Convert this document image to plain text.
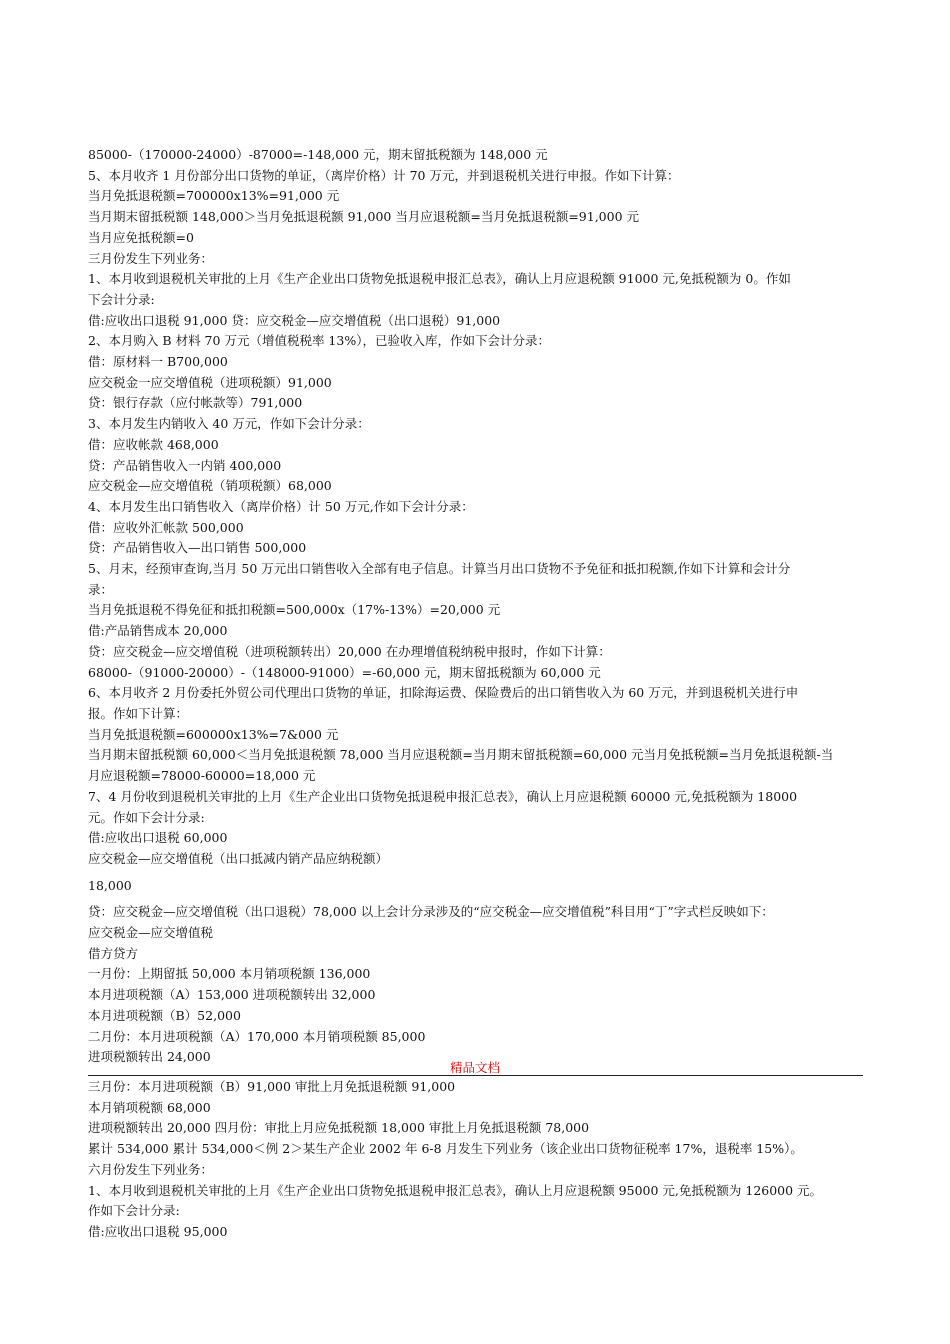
85000-（170000-24000）-87000=-148,000 元，期末留抵税额为 148,000 元
5、本月收齐 1 月份部分出口货物的单证，（离岸价格）计 70 万元，并到退税机关进行申报。作如下计算：
当月免抵退税额=700000x13%=91,000 元
当月期末留抵税额 148,000＞当月免抵退税额 91,000 当月应退税额=当月免抵退税额=91,000 元
当月应免抵税额=0
三月份发生下列业务：
1、本月收到退税机关审批的上月《生产企业出口货物免抵退税申报汇总表》，确认上月应退税额 91000 元,免抵税额为 0。作如
下会计分录:
借:应收出口退税 91,000 贷：应交税金—应交增值税（出口退税）91,000
2、本月购入 B 材料 70 万元（增值税税率 13%），已验收入库，作如下会计分录：
借：原材料一 B700,000
应交税金一应交增值税（进项税额）91,000
贷：银行存款（应付帐款等）791,000
3、本月发生内销收入 40 万元，作如下会计分录：
借：应收帐款 468,000
贷：产品销售收入一内销 400,000
应交税金—应交增值税（销项税额）68,000
4、本月发生出口销售收入（离岸价格）计 50 万元,作如下会计分录：
借：应收外汇帐款 500,000
贷：产品销售收入—出口销售 500,000
5、月末，经预审查询,当月 50 万元出口销售收入全部有电子信息。计算当月出口货物不予免征和抵扣税额,作如下计算和会计分
录：
当月免抵退税不得免征和抵扣税额=500,000x（17%-13%）=20,000 元
借:产品销售成本 20,000
贷：应交税金—应交增值税（进项税额转出）20,000 在办理增值税纳税申报时，作如下计算：
68000-（91000-20000）-（148000-91000）=-60,000 元，期末留抵税额为 60,000 元
6、本月收齐 2 月份委托外贸公司代理出口货物的单证，扣除海运费、保险费后的出口销售收入为 60 万元，并到退税机关进行申
报。作如下计算：
当月免抵退税额=600000x13%=7&000 元
当月期末留抵税额 60,000＜当月免抵退税额 78,000 当月应退税额=当月期末留抵税额=60,000 元当月免抵税额=当月免抵退税额-当
月应退税额=78000-60000=18,000 元
7、4 月份收到退税机关审批的上月《生产企业出口货物免抵退税申报汇总表》，确认上月应退税额 60000 元,免抵税额为 18000
元。作如下会计分录:
借:应收出口退税 60,000
应交税金—应交增值税（出口抵减内销产品应纳税额）
18,000
贷：应交税金—应交增值税（出口退税）78,000 以上会计分录涉及的“应交税金—应交增值税”科目用“丁”字式栏反映如下：
应交税金—应交增值税
借方贷方
一月份：上期留抵 50,000 本月销项税额 136,000
本月进项税额（A）153,000 进项税额转出 32,000
本月进项税额（B）52,000
二月份：本月进项税额（A）170,000 本月销项税额 85,000
进项税额转出 24,000
精品文档
三月份：本月进项税额（B）91,000 审批上月免抵退税额 91,000
本月销项税额 68,000
进项税额转出 20,000 四月份：审批上月应免抵税额 18,000 审批上月免抵退税额 78,000
累计 534,000 累计 534,000＜例 2＞某生产企业 2002 年 6-8 月发生下列业务（该企业出口货物征税率 17%，退税率 15%）。
六月份发生下列业务：
1、本月收到退税机关审批的上月《生产企业出口货物免抵退税申报汇总表》，确认上月应退税额 95000 元,免抵税额为 126000 元。
作如下会计分录:
借:应收出口退税 95,000
